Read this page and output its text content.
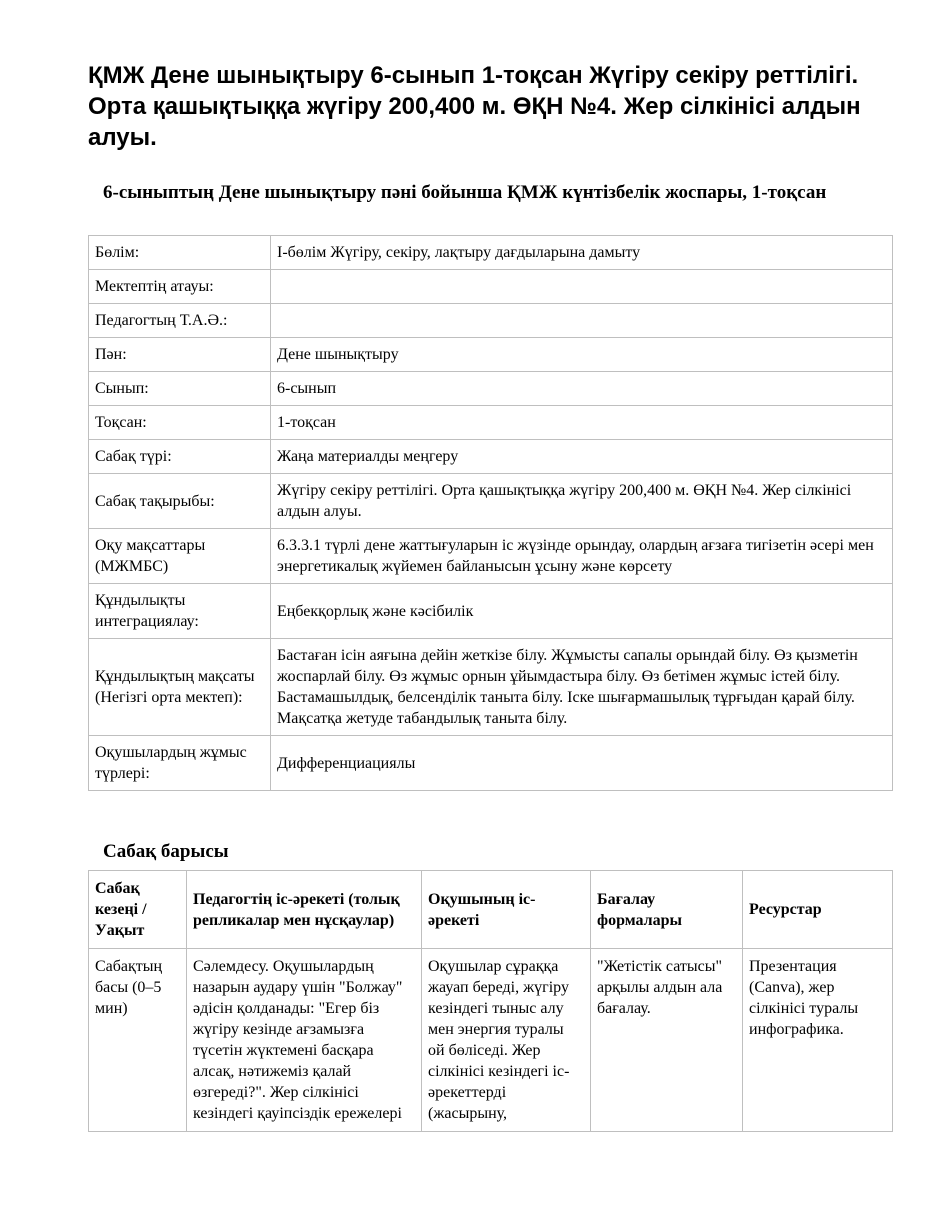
ҚМЖ Дене шынықтыру 6-сынып 1-тоқсан Жүгіру секіру реттілігі. Орта қашықтыққа жүгіру 200,400 м. ӨҚН №4. Жер сілкінісі алдын алуы.
6-сыныптың Дене шынықтыру пәні бойынша ҚМЖ күнтізбелік жоспары, 1-тоқсан
Бөлім:	I-бөлім Жүгіру, секіру, лақтыру дағдыларына дамыту
Мектептің атауы:	
Педагогтың Т.А.Ә.:	
Пән:	Дене шынықтыру
Сынып:	6-сынып
Тоқсан:	1-тоқсан
Сабақ түрі:	Жаңа материалды меңгеру
Сабақ тақырыбы:	Жүгіру секіру реттілігі. Орта қашықтыққа жүгіру 200,400 м. ӨҚН №4. Жер сілкінісі алдын алуы.
Оқу мақсаттары (МЖМБС)	6.3.3.1 түрлі дене жаттығуларын іс жүзінде орындау, олардың ағзаға тигізетін әсері мен энергетикалық жүйемен байланысын ұсыну және көрсету
Құндылықты интеграциялау:	Еңбекқорлық және кәсібилік
Құндылықтың мақсаты (Негізгі орта мектеп):	Бастаған ісін аяғына дейін жеткізе білу. Жұмысты сапалы орындай білу. Өз қызметін жоспарлай білу. Өз жұмыс орнын ұйымдастыра білу. Өз бетімен жұмыс істей білу. Бастамашылдық, белсенділік таныта білу. Іске шығармашылық тұрғыдан қарай білу. Мақсатқа жетуде табандылық таныта білу.
Оқушылардың жұмыс түрлері:	Дифференциациялы
Сабақ барысы
Сабақ кезеңі / Уақыт	Педагогтің іс-әрекеті (толық репликалар мен нұсқаулар)	Оқушының іс-әрекеті	Бағалау формалары	Ресурстар
Сабақтың басы (0–5 мин)	Сәлемдесу. Оқушылардың назарын аудару үшін "Болжау" әдісін қолданады: "Егер біз жүгіру кезінде ағзамызға түсетін жүктемені басқара алсақ, нәтижеміз қалай өзгереді?". Жер сілкінісі кезіндегі қауіпсіздік ережелері	Оқушылар сұраққа жауап береді, жүгіру кезіндегі тыныс алу мен энергия туралы ой бөліседі. Жер сілкінісі кезіндегі іс-әрекеттерді (жасырыну,	"Жетістік сатысы" арқылы алдын ала бағалау.	Презентация (Canva), жер сілкінісі туралы инфографика.
